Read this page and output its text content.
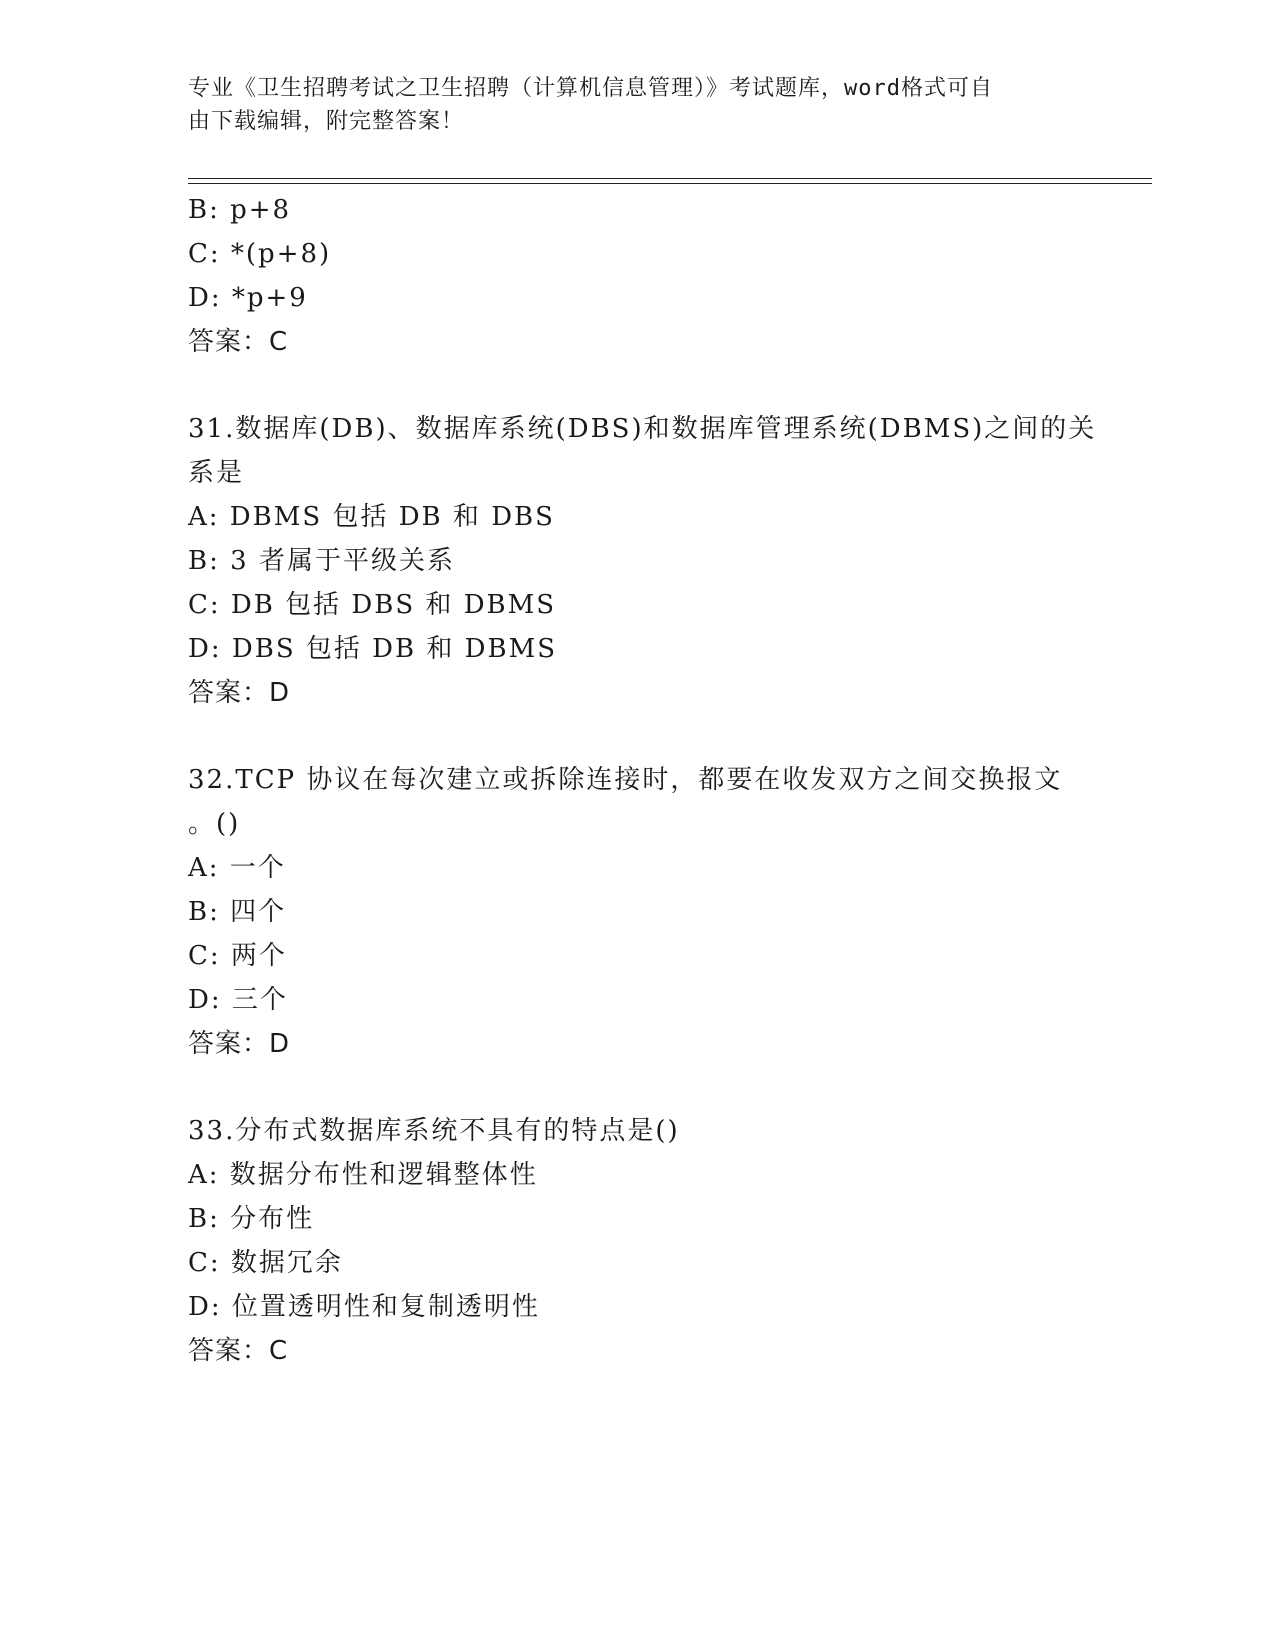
专业《卫生招聘考试之卫生招聘（计算机信息管理）》考试题库，word格式可自
由下载编辑，附完整答案！
B: p+8
C: *(p+8)
D: *p+9
答案：C
31.数据库(DB)、数据库系统(DBS)和数据库管理系统(DBMS)之间的关
系是
A: DBMS 包括 DB 和 DBS
B: 3 者属于平级关系
C: DB 包括 DBS 和 DBMS
D: DBS 包括 DB 和 DBMS
答案：D
32.TCP 协议在每次建立或拆除连接时，都要在收发双方之间交换报文
。()
A: 一个
B: 四个
C: 两个
D: 三个
答案：D
33.分布式数据库系统不具有的特点是()
A: 数据分布性和逻辑整体性
B: 分布性
C: 数据冗余
D: 位置透明性和复制透明性
答案：C
